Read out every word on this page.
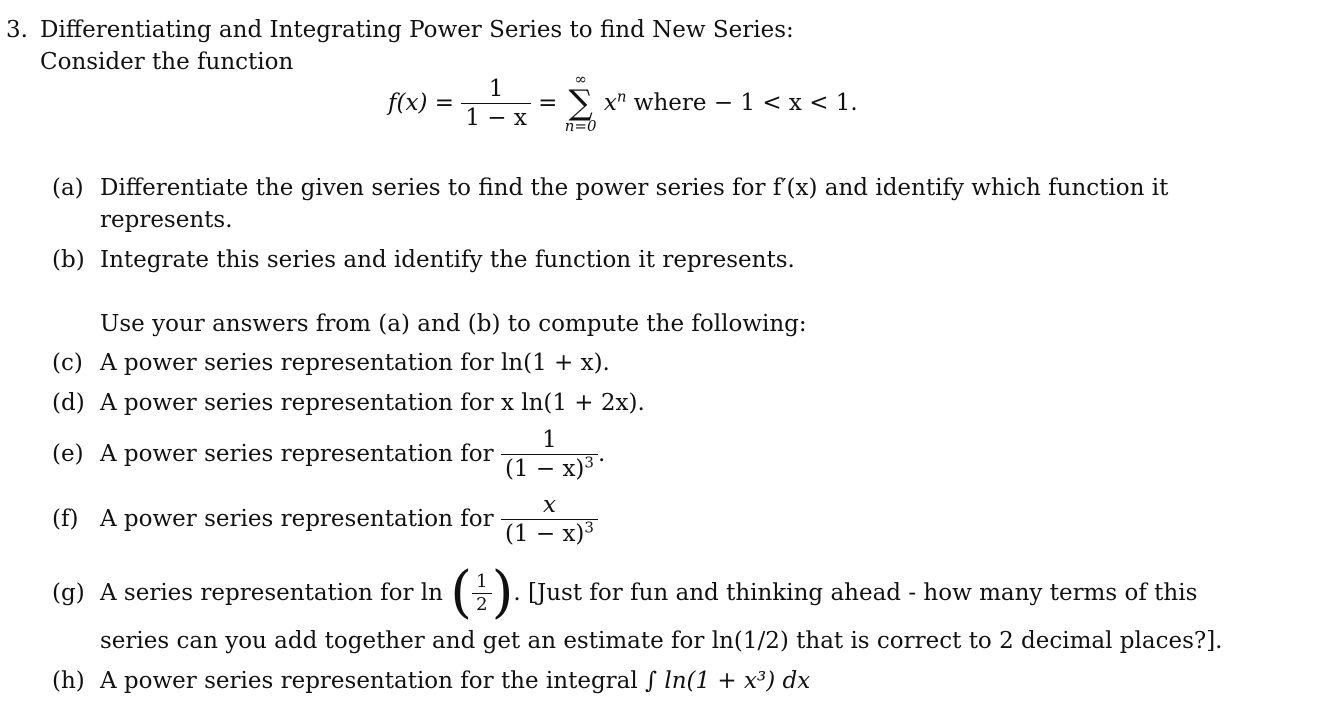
3. Differentiating and Integrating Power Series to find New Series:
Consider the function
$f(x) = \frac{1}{1 - x}$ =
∞
∑
n=0
$x^n$ where − 1 < x < 1.
(a) Differentiate the given series to find the power series for f′(x) and identify which function it
represents.
(b) Integrate this series and identify the function it represents.
Use your answers from (a) and (b) to compute the following:
(c) A power series representation for ln(1 + x).
(d) A power series representation for x ln(1 + 2x).
(e) A power series representation for
$\frac{1}{(1 - x)^3}$ .
(f) A power series representation for
$\frac{x}{(1 - x)^3}$
(g) A series representation for ln
( $\frac{1}{2}$ ) . [Just for fun and thinking ahead - how many terms of this
series can you add together and get an estimate for ln(1/2) that is correct to 2 decimal places?].
(h) A power series representation for the integral ∫ ln(1 + x³) dx
